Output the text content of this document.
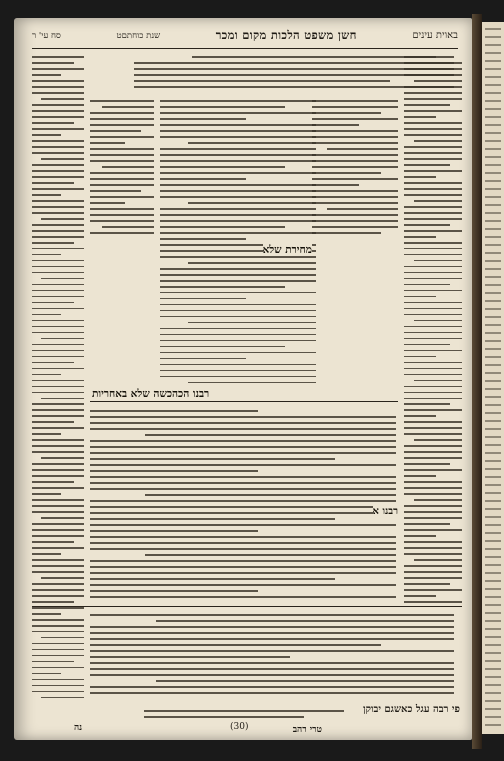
באוית עינים
חשן משפט הלכות מקום ומכר
שנת כוחתםט
סח עי' ר
מחירת שלא
רבנו הכהכשה שלא באחריות
רבנו א
פי רבה עגל כאשגם יבוקן
(30)	טרי רהב
נה
